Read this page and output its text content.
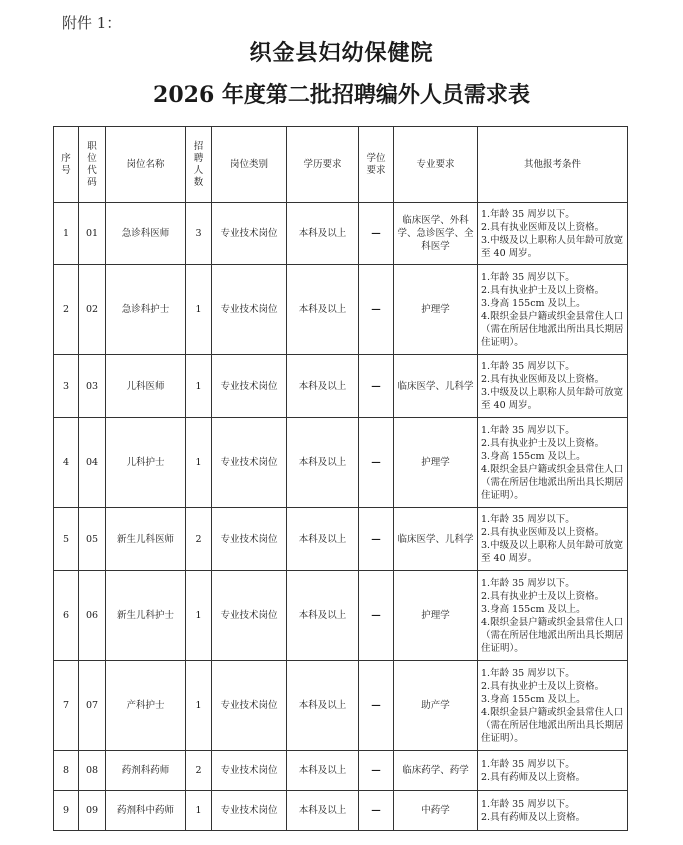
附件 1：
织金县妇幼保健院
2026 年度第二批招聘编外人员需求表
序
号	职
位
代
码	岗位名称	招
聘
人
数	岗位类别	学历要求	学位
要求	专业要求	其他报考条件
1	01	急诊科医师	3	专业技术岗位	本科及以上	—	临床医学、外科学、急诊医学、全科医学	1.年龄 35 周岁以下。
2.具有执业医师及以上资格。
3.中级及以上职称人员年龄可放宽至 40 周岁。

2	02	急诊科护士	1	专业技术岗位	本科及以上	—	护理学	1.年龄 35 周岁以下。
2.具有执业护士及以上资格。
3.身高 155cm 及以上。
4.限织金县户籍或织金县常住人口（需在所居住地派出所出具长期居住证明）。

3	03	儿科医师	1	专业技术岗位	本科及以上	—	临床医学、儿科学	1.年龄 35 周岁以下。
2.具有执业医师及以上资格。
3.中级及以上职称人员年龄可放宽至 40 周岁。

4	04	儿科护士	1	专业技术岗位	本科及以上	—	护理学	1.年龄 35 周岁以下。
2.具有执业护士及以上资格。
3.身高 155cm 及以上。
4.限织金县户籍或织金县常住人口（需在所居住地派出所出具长期居住证明）。

5	05	新生儿科医师	2	专业技术岗位	本科及以上	—	临床医学、儿科学	1.年龄 35 周岁以下。
2.具有执业医师及以上资格。
3.中级及以上职称人员年龄可放宽至 40 周岁。

6	06	新生儿科护士	1	专业技术岗位	本科及以上	—	护理学	1.年龄 35 周岁以下。
2.具有执业护士及以上资格。
3.身高 155cm 及以上。
4.限织金县户籍或织金县常住人口（需在所居住地派出所出具长期居住证明）。

7	07	产科护士	1	专业技术岗位	本科及以上	—	助产学	1.年龄 35 周岁以下。
2.具有执业护士及以上资格。
3.身高 155cm 及以上。
4.限织金县户籍或织金县常住人口（需在所居住地派出所出具长期居住证明）。

8	08	药剂科药师	2	专业技术岗位	本科及以上	—	临床药学、药学	1.年龄 35 周岁以下。
2.具有药师及以上资格。

9	09	药剂科中药师	1	专业技术岗位	本科及以上	—	中药学	1.年龄 35 周岁以下。
2.具有药师及以上资格。
